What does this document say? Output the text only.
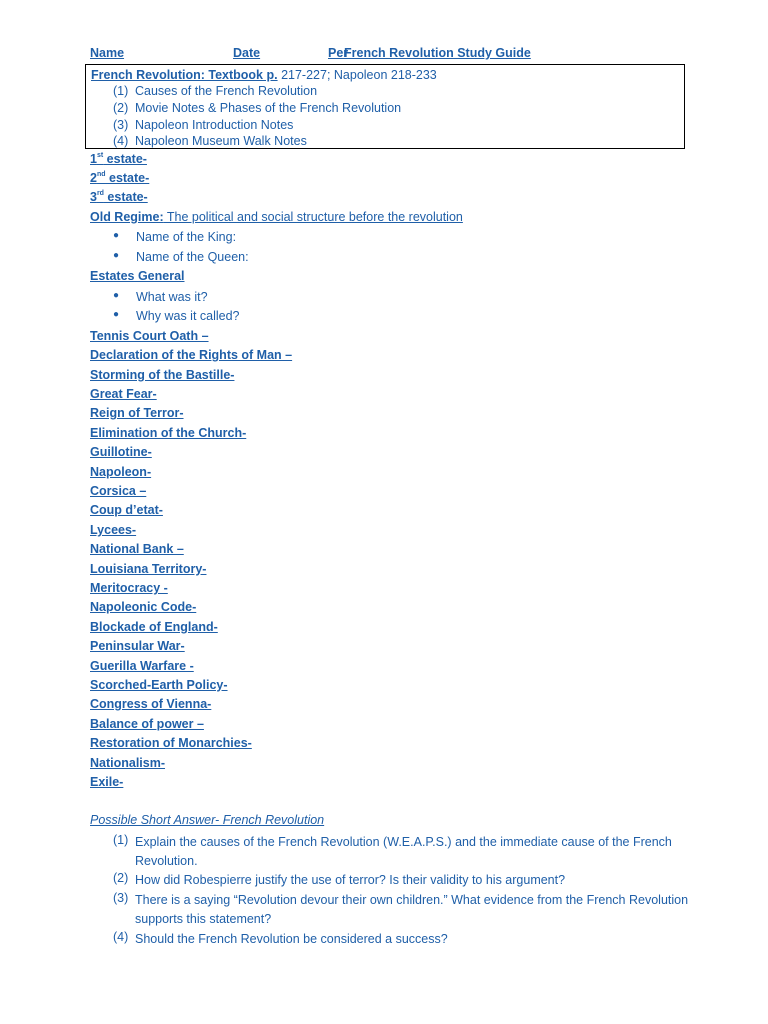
Name	Date	Per
French Revolution Study Guide
French Revolution: Textbook p. 217-227; Napoleon 218-233
(1) Causes of the French Revolution
(2) Movie Notes & Phases of the French Revolution
(3) Napoleon Introduction Notes
(4) Napoleon Museum Walk Notes
1st estate-
2nd estate-
3rd estate-
Old Regime: The political and social structure before the revolution
● Name of the King:
● Name of the Queen:
Estates General
● What was it?
● Why was it called?
Tennis Court Oath –
Declaration of the Rights of Man –
Storming of the Bastille-
Great Fear-
Reign of Terror-
Elimination of the Church-
Guillotine-
Napoleon-
Corsica –
Coup d’etat-
Lycees-
National Bank –
Louisiana Territory-
Meritocracy -
Napoleonic Code-
Blockade of England-
Peninsular War-
Guerilla Warfare -
Scorched-Earth Policy-
Congress of Vienna-
Balance of power –
Restoration of Monarchies-
Nationalism-
Exile-
Possible Short Answer- French Revolution
(1) Explain the causes of the French Revolution (W.E.A.P.S.) and the immediate cause of the French Revolution.
(2) How did Robespierre justify the use of terror? Is their validity to his argument?
(3) There is a saying “Revolution devour their own children.” What evidence from the French Revolution supports this statement?
(4) Should the French Revolution be considered a success?
